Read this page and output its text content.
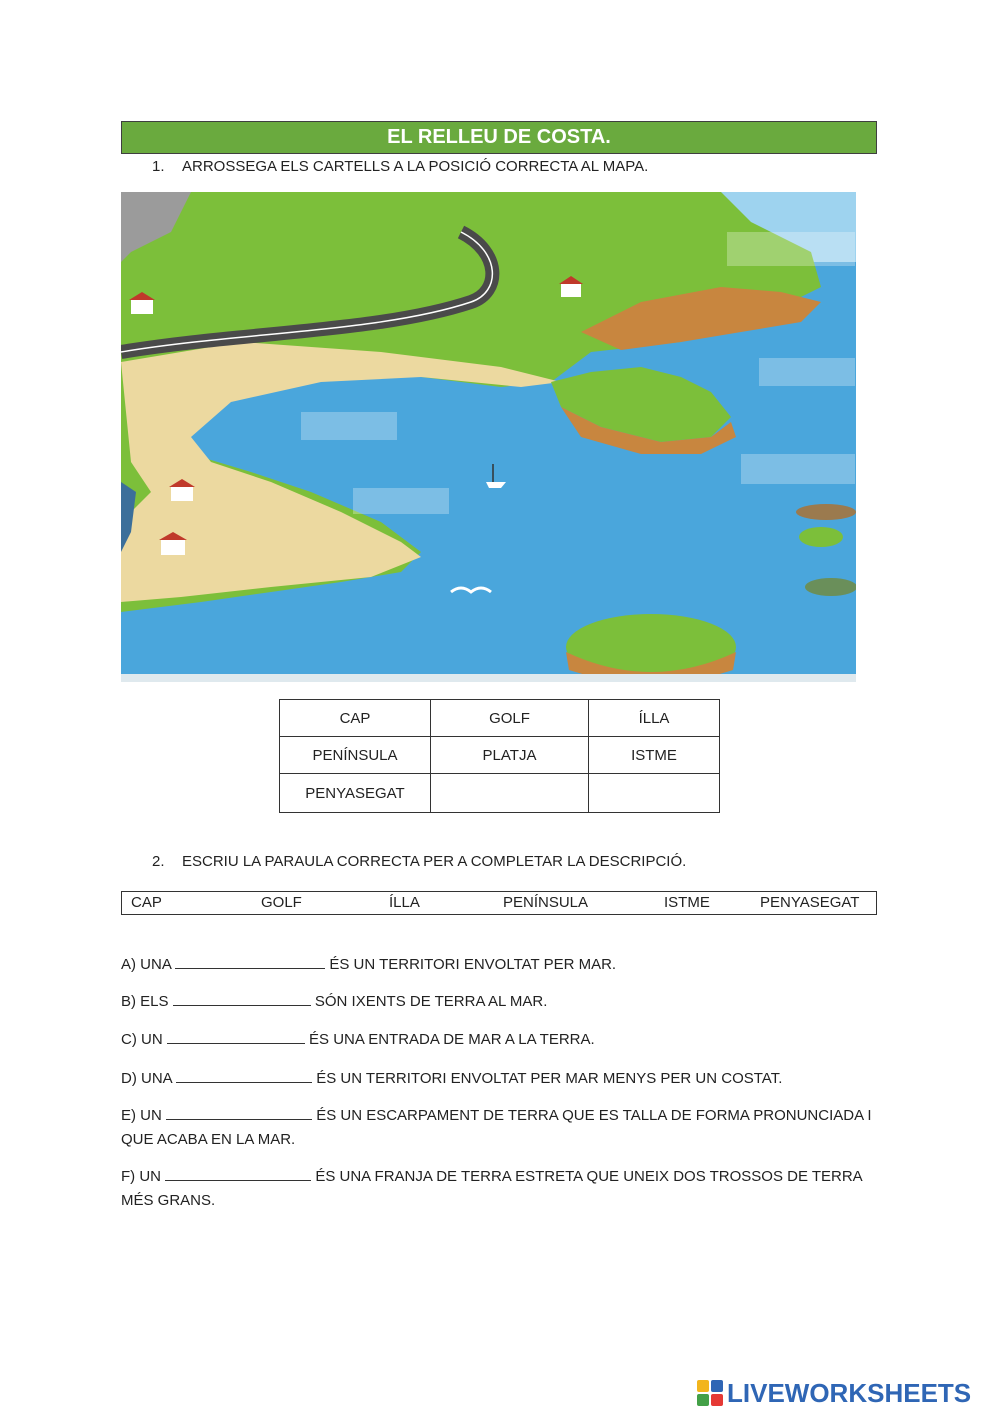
EL RELLEU DE COSTA.
1. ARROSSEGA ELS CARTELLS A LA POSICIÓ CORRECTA AL MAPA.
CAP	GOLF	ÍLLA
PENÍNSULA	PLATJA	ISTME
PENYASEGAT		
2. ESCRIU LA PARAULA CORRECTA PER A COMPLETAR LA DESCRIPCIÓ.
CAP	GOLF	ÍLLA	PENÍNSULA	ISTME	PENYASEGAT
A) UNA	ÉS UN TERRITORI ENVOLTAT PER MAR.
B) ELS	SÓN IXENTS DE TERRA AL MAR.
C) UN	ÉS UNA ENTRADA DE MAR A LA TERRA.
D) UNA	ÉS UN TERRITORI ENVOLTAT PER MAR MENYS PER UN COSTAT.
E) UN	ÉS UN ESCARPAMENT DE TERRA QUE ES TALLA DE FORMA PRONUNCIADA I QUE ACABA EN LA MAR.
F) UN	ÉS UNA FRANJA DE TERRA ESTRETA QUE UNEIX DOS TROSSOS DE TERRA MÉS GRANS.
LIVEWORKSHEETS
